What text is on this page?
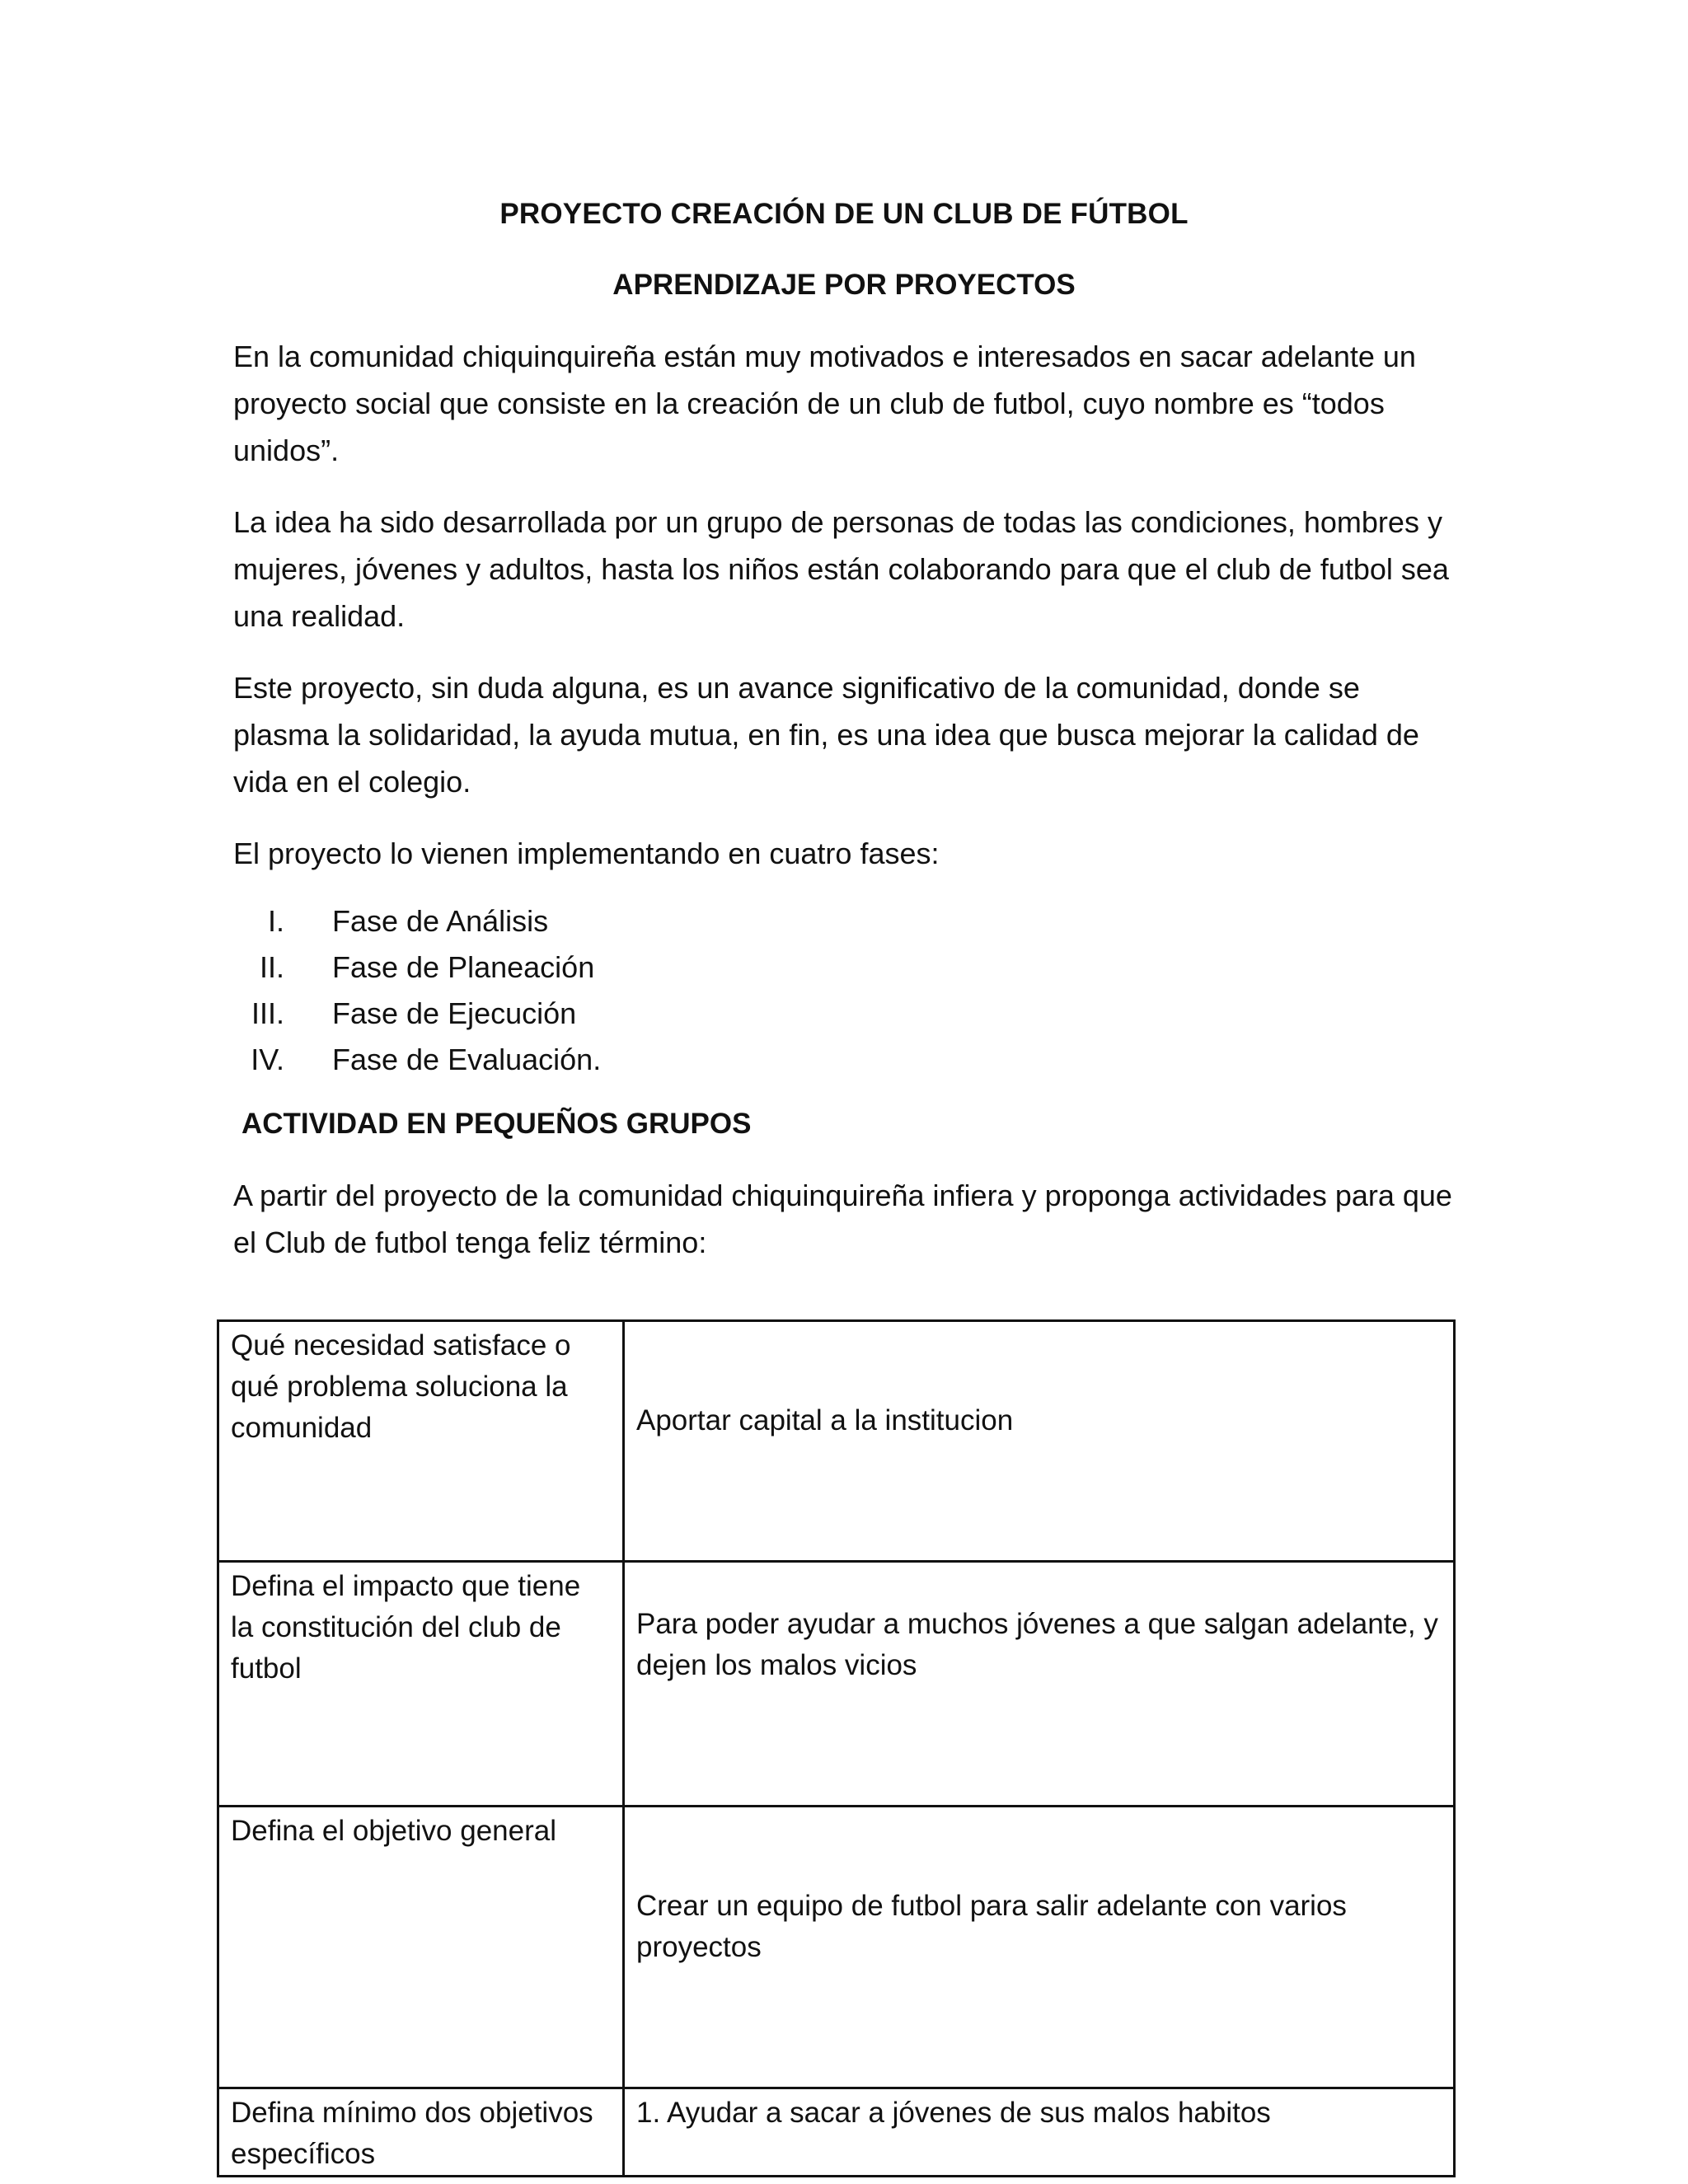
PROYECTO CREACIÓN DE UN CLUB DE FÚTBOL
APRENDIZAJE POR PROYECTOS

En la comunidad chiquinquireña están muy motivados e interesados en sacar adelante un proyecto social que consiste en la creación de un club de futbol, cuyo nombre es “todos unidos”.

La idea ha sido desarrollada por un grupo de personas de todas las condiciones, hombres y mujeres, jóvenes y adultos, hasta los niños están colaborando para que el club de futbol sea una realidad.

Este proyecto, sin duda alguna, es un avance significativo de la comunidad, donde se plasma la solidaridad, la ayuda mutua, en fin, es una idea que busca mejorar la calidad de vida en el colegio.

El proyecto lo vienen implementando en cuatro fases:

I. Fase de Análisis
II. Fase de Planeación
III. Fase de Ejecución
IV. Fase de Evaluación.
ACTIVIDAD EN PEQUEÑOS GRUPOS

A partir del proyecto de la comunidad chiquinquireña infiera y proponga actividades para que el Club de futbol tenga feliz término:

Qué necesidad satisface o qué problema soluciona la comunidad	Aportar capital a la institucion
Defina el impacto que tiene la constitución del club de futbol	Para poder ayudar a muchos jóvenes a que salgan adelante, y dejen los malos vicios
Defina el objetivo general	Crear un equipo de futbol para salir adelante con varios proyectos
Defina mínimo dos objetivos específicos	1. Ayudar a sacar a jóvenes de sus malos habitos
